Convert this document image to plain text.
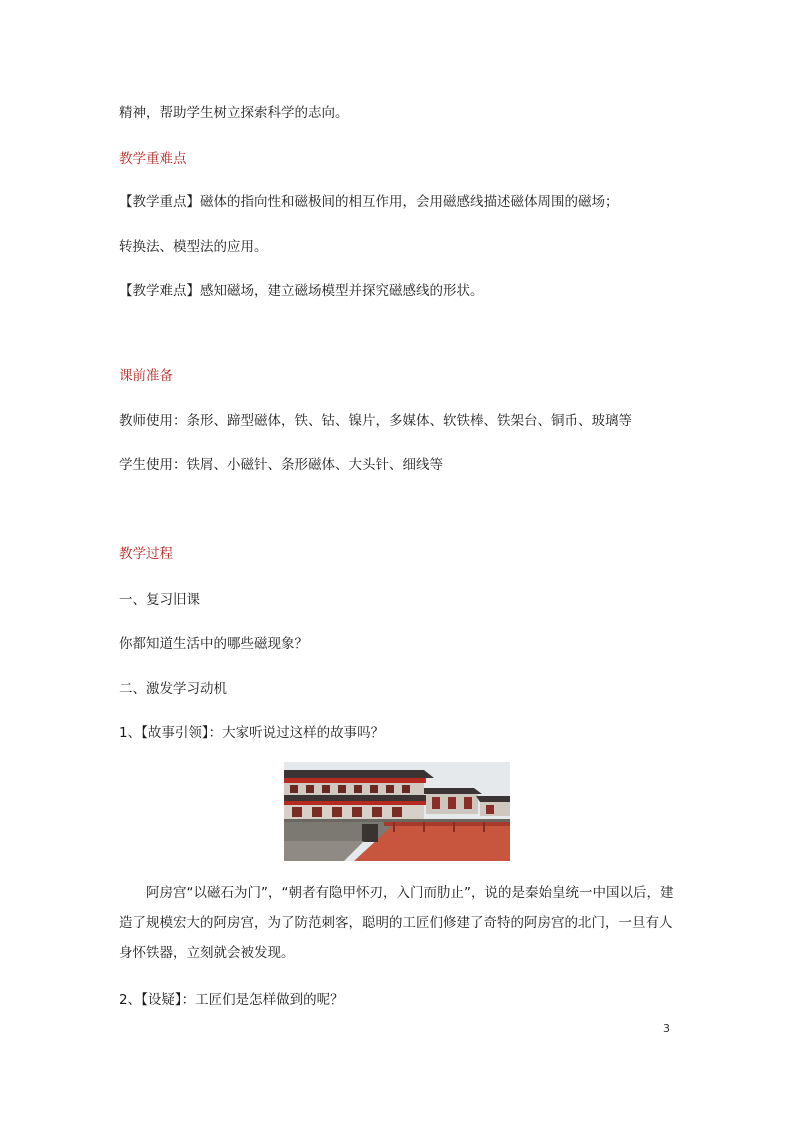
精神，帮助学生树立探索科学的志向。
教学重难点
【教学重点】磁体的指向性和磁极间的相互作用，会用磁感线描述磁体周围的磁场；
转换法、模型法的应用。
【教学难点】感知磁场，建立磁场模型并探究磁感线的形状。
课前准备
教师使用：条形、蹄型磁体，铁、钴、镍片，多媒体、软铁棒、铁架台、铜币、玻璃等
学生使用：铁屑、小磁针、条形磁体、大头针、细线等
教学过程
一、复习旧课
你都知道生活中的哪些磁现象？
二、激发学习动机
1、【故事引领】：大家听说过这样的故事吗？
阿房宫“以磁石为门”，“朝者有隐甲怀刃，入门而肋止”，说的是秦始皇统一中国以后，建造了规模宏大的阿房宫，为了防范刺客，聪明的工匠们修建了奇特的阿房宫的北门，一旦有人身怀铁器，立刻就会被发现。
2、【设疑】：工匠们是怎样做到的呢？
3
